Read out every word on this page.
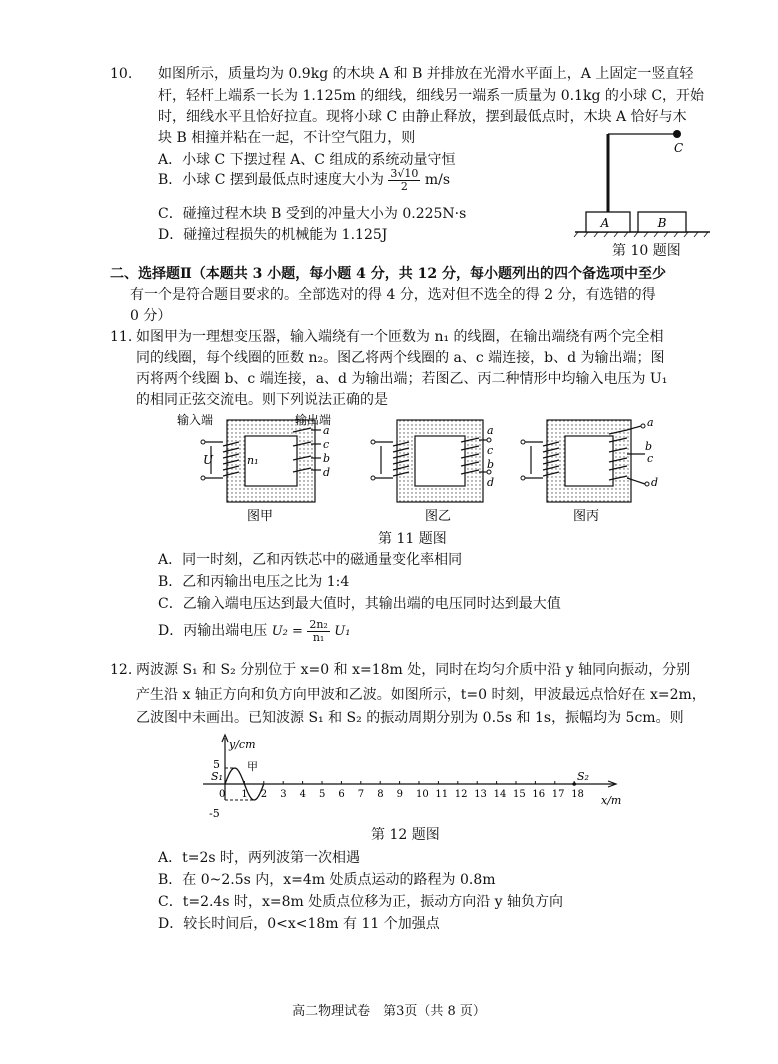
10. 如图所示，质量均为 0.9kg 的木块 A 和 B 并排放在光滑水平面上，A 上固定一竖直轻
杆，轻杆上端系一长为 1.125m 的细线，细线另一端系一质量为 0.1kg 的小球 C，开始
时，细线水平且恰好拉直。现将小球 C 由静止释放，摆到最低点时，木块 A 恰好与木
块 B 相撞并粘在一起，不计空气阻力，则
A．小球 C 下摆过程 A、C 组成的系统动量守恒
B．小球 C 摆到最低点时速度大小为 $\frac{3√10}{2} m/s$
C．碰撞过程木块 B 受到的冲量大小为 0.225N·s
D．碰撞过程损失的机械能为 1.125J
A	B
C
第 10 题图
二、选择题Ⅱ（本题共 3 小题，每小题 4 分，共 12 分，每小题列出的四个备选项中至少
有一个是符合题目要求的。全部选对的得 4 分，选对但不选全的得 2 分，有选错的得
0 分）
11. 如图甲为一理想变压器，输入端绕有一个匝数为 n₁ 的线圈，在输出端绕有两个完全相
同的线圈，每个线圈的匝数 n₂。图乙将两个线圈的 a、c 端连接，b、d 为输出端；图
丙将两个线圈 b、c 端连接，a、d 为输出端；若图乙、丙二种情形中均输入电压为 U₁
的相同正弦交流电。则下列说法正确的是
输入端	输出端
U	n₁
a
c
b
d
图甲
a
c
b
d
图乙
a
b
c
d
图丙
第 11 题图
A．同一时刻，乙和丙铁芯中的磁通量变化率相同
B．乙和丙输出电压之比为 1:4
C．乙输入端电压达到最大值时，其输出端的电压同时达到最大值
D．丙输出端电压 $U_2 = \frac{\text{2n₂}}{\text{n₁}} U_1$
12. 两波源 S₁ 和 S₂ 分别位于 x=0 和 x=18m 处，同时在均匀介质中沿 y 轴同向振动，分别
产生沿 x 轴正方向和负方向甲波和乙波。如图所示，t=0 时刻，甲波最远点恰好在 x=2m，
乙波图中未画出。已知波源 S₁ 和 S₂ 的振动周期分别为 0.5s 和 1s，振幅均为 5cm。则
y/cm
x/m
甲
S₁	S₂
5
-5
0 1 2 3 4 5 6 7 8 9 10 11 12 13 14 15 16 17 18
第 12 题图
A．t=2s 时，两列波第一次相遇
B．在 0~2.5s 内，x=4m 处质点运动的路程为 0.8m
C．t=2.4s 时，x=8m 处质点位移为正，振动方向沿 y 轴负方向
D．较长时间后，0<x<18m 有 11 个加强点
高二物理试卷　第3页（共 8 页）
